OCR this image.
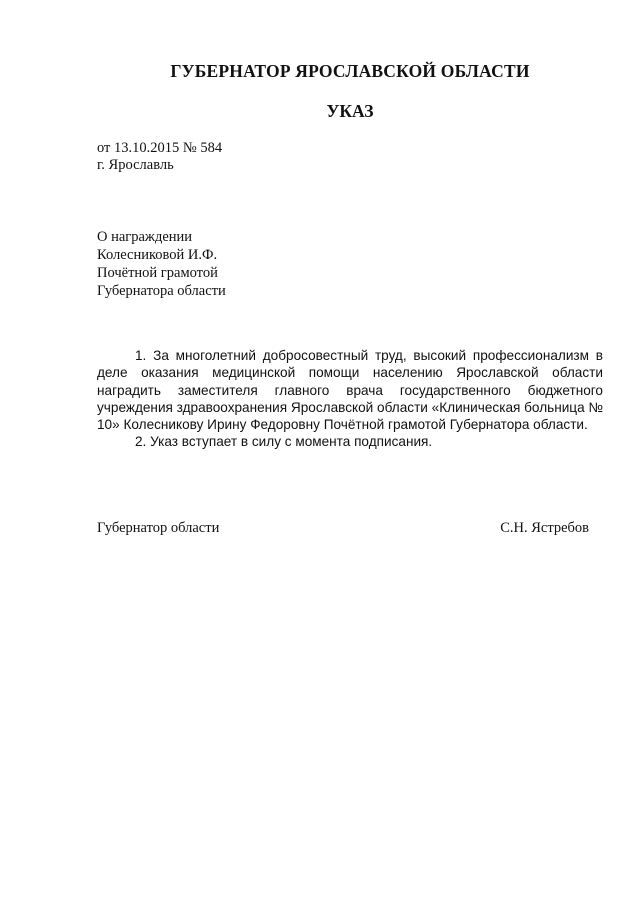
ГУБЕРНАТОР ЯРОСЛАВСКОЙ ОБЛАСТИ
УКАЗ
от 13.10.2015 № 584
г. Ярославль
О награждении
Колесниковой И.Ф.
Почётной грамотой
Губернатора области

1. За многолетний добросовестный труд, высокий профессионализм в деле оказания медицинской помощи населению Ярославской области наградить заместителя главного врача государственного бюджетного учреждения здравоохранения Ярославской области «Клиническая больница № 10» Колесникову Ирину Федоровну Почётной грамотой Губернатора области.

2. Указ вступает в силу с момента подписания.

Губернатор области	С.Н. Ястребов
